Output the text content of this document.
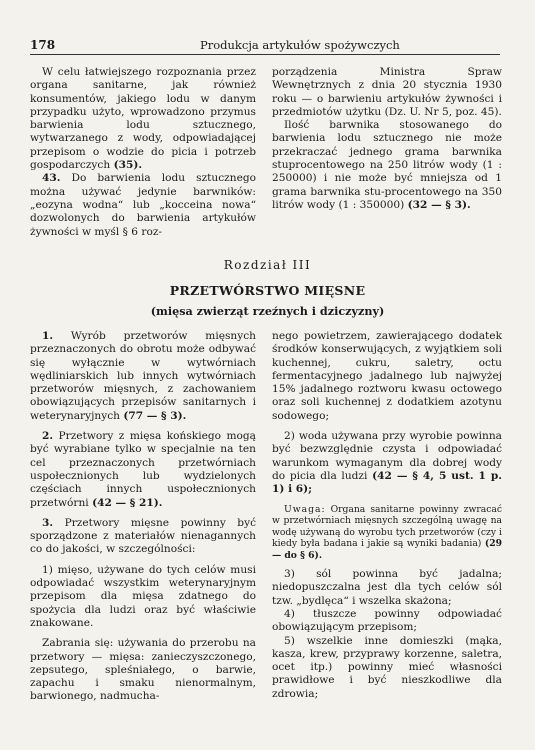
178	Produkcja artykułów spożywczych

W celu łatwiejszego rozpoznania przez organa sanitarne, jak również konsumentów, jakiego lodu w danym przypadku użyto, wprowadzono przymus barwienia lodu sztucznego, wytwarzanego z wody, odpowiadającej przepisom o wodzie do picia i potrzeb gospodarczych (35).

43. Do barwienia lodu sztucznego można używać jedynie barwników: „eozyna wodna“ lub „kocceina nowa“ dozwolonych do barwienia artykułów żywności w myśl § 6 roz-

porządzenia Ministra Spraw Wewnętrznych z dnia 20 stycznia 1930 roku — o barwieniu artykułów żywności i przedmiotów użytku (Dz. U. Nr 5, poz. 45).

Ilość barwnika stosowanego do barwienia lodu sztucznego nie może przekraczać jednego grama barwnika stuprocentowego na 250 litrów wody (1 : 250000) i nie może być mniejsza od 1 grama barwnika stu-procentowego na 350 litrów wody (1 : 350000) (32 — § 3).

Rozdział III
PRZETWÓRSTWO MIĘSNE
(mięsa zwierząt rzeźnych i dziczyzny)

1. Wyrób przetworów mięsnych przeznaczonych do obrotu może odbywać się wyłącznie w wytwórniach wędliniarskich lub innych wytwórniach przetworów mięsnych, z zachowaniem obowiązujących przepisów sanitarnych i weterynaryjnych (77 — § 3).

2. Przetwory z mięsa końskiego mogą być wyrabiane tylko w specjalnie na ten cel przeznaczonych przetwórniach uspołecznionych lub wydzielonych częściach innych uspołecznionych przetwórni (42 — § 21).

3. Przetwory mięsne powinny być sporządzone z materiałów nienagannych co do jakości, w szczególności:

1) mięso, używane do tych celów musi odpowiadać wszystkim weterynaryjnym przepisom dla mięsa zdatnego do spożycia dla ludzi oraz być właściwie znakowane.

Zabrania się: używania do przerobu na przetwory — mięsa: zanieczyszczonego, zepsutego, spleśniałego, o barwie, zapachu i smaku nienormalnym, barwionego, nadmucha-

nego powietrzem, zawierającego dodatek środków konserwujących, z wyjątkiem soli kuchennej, cukru, saletry, octu fermentacyjnego jadalnego lub najwyżej 15% jadalnego roztworu kwasu octowego oraz soli kuchennej z dodatkiem azotynu sodowego;

2) woda używana przy wyrobie powinna być bezwzględnie czysta i odpowiadać warunkom wymaganym dla dobrej wody do picia dla ludzi (42 — § 4, 5 ust. 1 p. 1) i 6);

Uwaga: Organa sanitarne powinny zwracać w przetwórniach mięsnych szczególną uwagę na wodę używaną do wyrobu tych przetworów (czy i kiedy była badana i jakie są wyniki badania) (29 — do § 6).

3) sól powinna być jadalna; niedopuszczalna jest dla tych celów sól tzw. „bydlęca“ i wszelka skażona;

4) tłuszcze powinny odpowiadać obowiązującym przepisom;

5) wszelkie inne domieszki (mąka, kasza, krew, przyprawy korzenne, saletra, ocet itp.) powinny mieć własności prawidłowe i być nieszkodliwe dla zdrowia;
